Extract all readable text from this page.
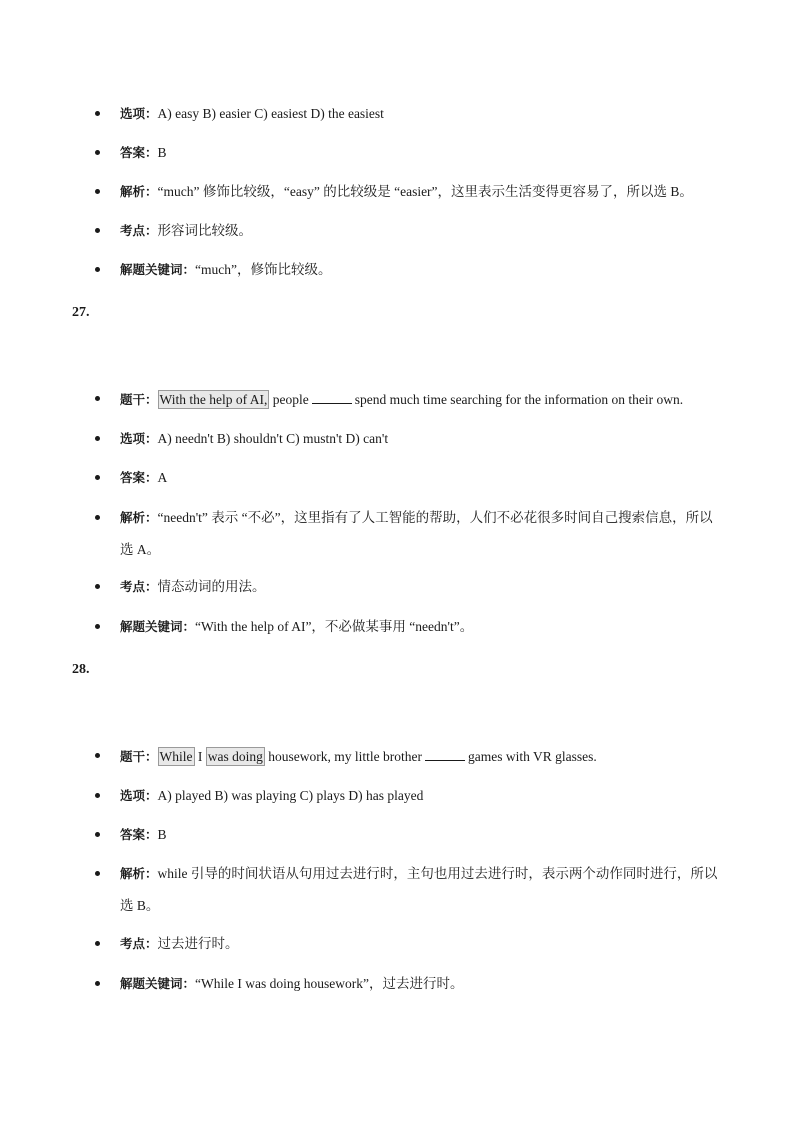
选项：A) easy B) easier C) easiest D) the easiest
答案：B
解析：“much” 修饰比较级，“easy” 的比较级是 “easier”，这里表示生活变得更容易了，所以选 B。
考点：形容词比较级。
解题关键词：“much”，修饰比较级。
27.
题干： With the help of AI, people	spend much time searching for the information on their own.
选项：A) needn't B) shouldn't C) mustn't D) can't
答案：A
解析：“needn't” 表示 “不必”，这里指有了人工智能的帮助，人们不必花很多时间自己搜索信息，所以选 A。
考点：情态动词的用法。
解题关键词：“With the help of AI”，不必做某事用 “needn't”。
28.
题干： While I was doing housework, my little brother	games with VR glasses.
选项：A) played B) was playing C) plays D) has played
答案：B
解析：while 引导的时间状语从句用过去进行时，主句也用过去进行时，表示两个动作同时进行，所以选 B。
考点：过去进行时。
解题关键词：“While I was doing housework”，过去进行时。
